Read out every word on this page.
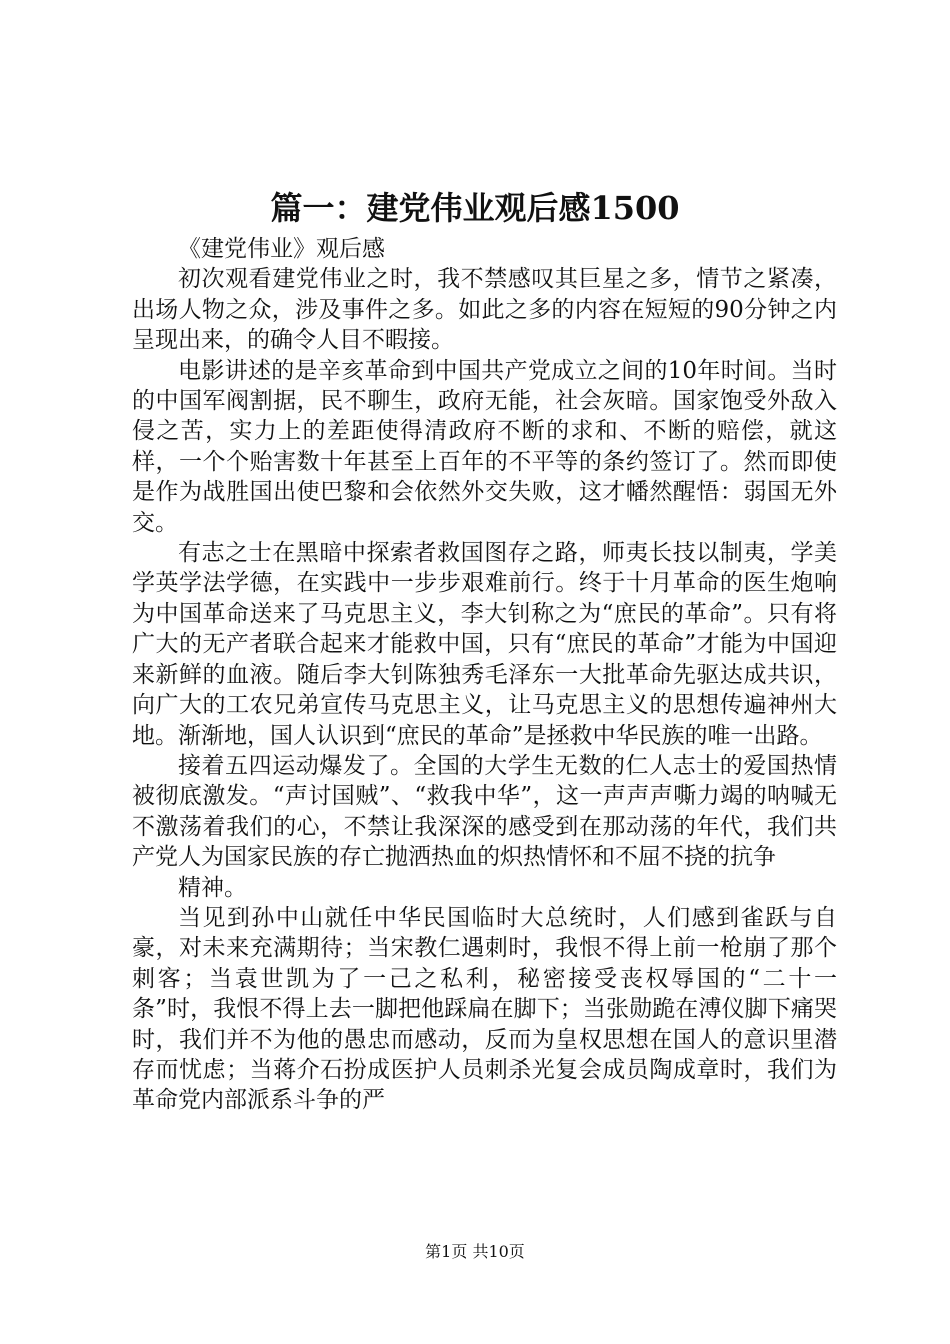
篇一：建党伟业观后感1500

《建党伟业》观后感

初次观看建党伟业之时，我不禁感叹其巨星之多，情节之紧凑，出场人物之众，涉及事件之多。如此之多的内容在短短的90分钟之内呈现出来，的确令人目不暇接。

电影讲述的是辛亥革命到中国共产党成立之间的10年时间。当时的中国军阀割据，民不聊生，政府无能，社会灰暗。国家饱受外敌入侵之苦，实力上的差距使得清政府不断的求和、不断的赔偿，就这样，一个个贻害数十年甚至上百年的不平等的条约签订了。然而即使是作为战胜国出使巴黎和会依然外交失败，这才幡然醒悟：弱国无外交。

有志之士在黑暗中探索者救国图存之路，师夷长技以制夷，学美学英学法学德，在实践中一步步艰难前行。终于十月革命的医生炮响为中国革命送来了马克思主义，李大钊称之为“庶民的革命”。只有将广大的无产者联合起来才能救中国，只有“庶民的革命”才能为中国迎来新鲜的血液。随后李大钊陈独秀毛泽东一大批革命先驱达成共识，向广大的工农兄弟宣传马克思主义，让马克思主义的思想传遍神州大地。渐渐地，国人认识到“庶民的革命”是拯救中华民族的唯一出路。

接着五四运动爆发了。全国的大学生无数的仁人志士的爱国热情被彻底激发。“声讨国贼”、“救我中华”，这一声声声嘶力竭的呐喊无不激荡着我们的心，不禁让我深深的感受到在那动荡的年代，我们共产党人为国家民族的存亡抛洒热血的炽热情怀和不屈不挠的抗争

精神。

当见到孙中山就任中华民国临时大总统时，人们感到雀跃与自豪，对未来充满期待；当宋教仁遇刺时，我恨不得上前一枪崩了那个刺客；当袁世凯为了一己之私利，秘密接受丧权辱国的“二十一条”时，我恨不得上去一脚把他踩扁在脚下；当张勋跪在溥仪脚下痛哭时，我们并不为他的愚忠而感动，反而为皇权思想在国人的意识里潜存而忧虑；当蒋介石扮成医护人员刺杀光复会成员陶成章时，我们为革命党内部派系斗争的严

第1页 共10页
